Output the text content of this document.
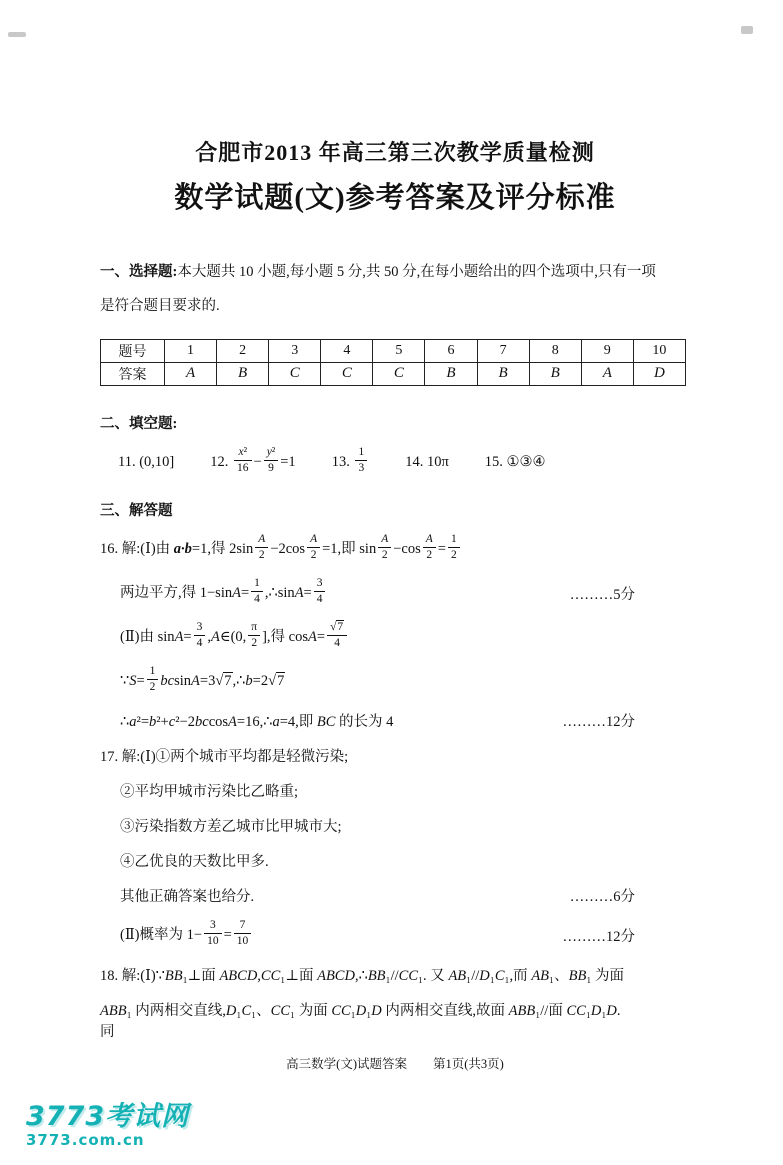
合肥市2013 年高三第三次教学质量检测
数学试题(文)参考答案及评分标准

一、选择题:本大题共 10 小题,每小题 5 分,共 50 分,在每小题给出的四个选项中,只有一项

是符合题目要求的.

题号	1	2	3	4	5	6	7	8	9	10
答案	A	B	C	C	C	B	B	B	A	D
二、填空题:
11. (0,10] 12. $\frac{\text{x²}}{16} - \frac{\text{y²}}{9} =1$ 13. $\frac{1}{3}$	14. 10π 15. ①③④
三、解答题
16. 解:(Ⅰ)由 a·b=1,得 $2\sin \frac{A}{2} -2\cos \frac{A}{2} =1$,即 $\sin \frac{A}{2} -\cos \frac{A}{2} = \frac{1}{2}$
两边平方,得 $1-\sin A= \frac{1}{4}$ ,∴sinA= $\frac{3}{4}$	………5分
(Ⅱ)由 $\sin A= \frac{3}{4}$ ,A∈(0, $\frac{\pi}{2}$ ],得 $\cos A= \frac{√7}{4}$
∵S= $\frac{1}{2}$ bcsinA=3√7,∴b=2√7
∴a²=b²+c²−2bccosA=16,∴a=4,即 BC 的长为 4	………12分
17. 解:(Ⅰ)①两个城市平均都是轻微污染;
②平均甲城市污染比乙略重;
③污染指数方差乙城市比甲城市大;
④乙优良的天数比甲多.
其他正确答案也给分.	………6分
(Ⅱ)概率为 $1- \frac{3}{10} = \frac{7}{10}$	………12分
18. 解:(Ⅰ)∵BB₁⊥面 ABCD,CC₁⊥面 ABCD,∴BB₁//CC₁. 又 AB₁//D₁C₁,而 AB₁、BB₁ 为面
ABB₁ 内两相交直线,D₁C₁、CC₁ 为面 CC₁D₁D 内两相交直线,故面 ABB₁//面 CC₁D₁D. 同
高三数学(文)试题答案 第1页(共3页)
3773考试网
3773.com.cn
